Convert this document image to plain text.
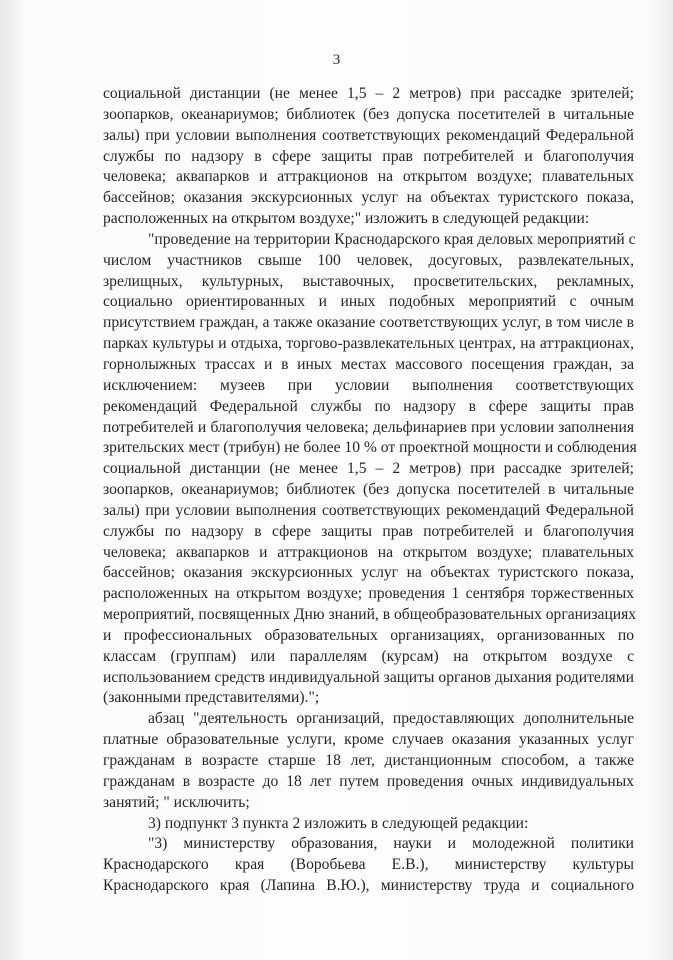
3
социальной дистанции (не менее 1,5 – 2 метров) при рассадке зрителей;
зоопарков, океанариумов; библиотек (без допуска посетителей в читальные
залы) при условии выполнения соответствующих рекомендаций Федеральной
службы по надзору в сфере защиты прав потребителей и благополучия
человека; аквапарков и аттракционов на открытом воздухе; плавательных
бассейнов; оказания экскурсионных услуг на объектах туристского показа,
расположенных на открытом воздухе;" изложить в следующей редакции:
"проведение на территории Краснодарского края деловых мероприятий с
числом участников свыше 100 человек, досуговых, развлекательных,
зрелищных, культурных, выставочных, просветительских, рекламных,
социально ориентированных и иных подобных мероприятий с очным
присутствием граждан, а также оказание соответствующих услуг, в том числе в
парках культуры и отдыха, торгово-развлекательных центрах, на аттракционах,
горнолыжных трассах и в иных местах массового посещения граждан, за
исключением: музеев при условии выполнения соответствующих
рекомендаций Федеральной службы по надзору в сфере защиты прав
потребителей и благополучия человека; дельфинариев при условии заполнения
зрительских мест (трибун) не более 10 % от проектной мощности и соблюдения
социальной дистанции (не менее 1,5 – 2 метров) при рассадке зрителей;
зоопарков, океанариумов; библиотек (без допуска посетителей в читальные
залы) при условии выполнения соответствующих рекомендаций Федеральной
службы по надзору в сфере защиты прав потребителей и благополучия
человека; аквапарков и аттракционов на открытом воздухе; плавательных
бассейнов; оказания экскурсионных услуг на объектах туристского показа,
расположенных на открытом воздухе; проведения 1 сентября торжественных
мероприятий, посвященных Дню знаний, в общеобразовательных организациях
и профессиональных образовательных организациях, организованных по
классам (группам) или параллелям (курсам) на открытом воздухе с
использованием средств индивидуальной защиты органов дыхания родителями
(законными представителями).";
абзац "деятельность организаций, предоставляющих дополнительные
платные образовательные услуги, кроме случаев оказания указанных услуг
гражданам в возрасте старше 18 лет, дистанционным способом, а также
гражданам в возрасте до 18 лет путем проведения очных индивидуальных
занятий; " исключить;
3) подпункт 3 пункта 2 изложить в следующей редакции:
"3) министерству образования, науки и молодежной политики
Краснодарского края (Воробьева Е.В.), министерству культуры
Краснодарского края (Лапина В.Ю.), министерству труда и социального
